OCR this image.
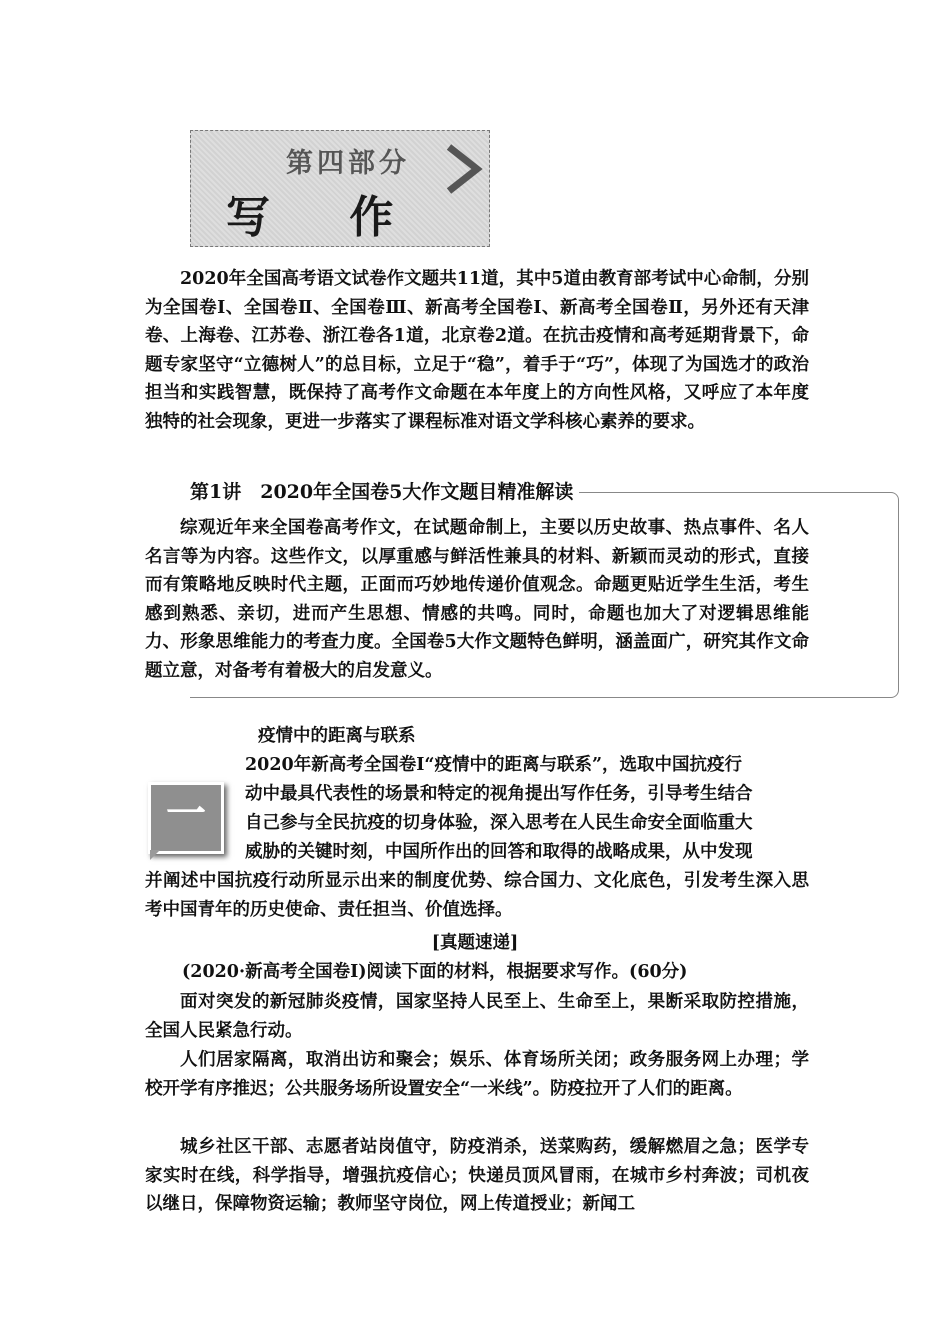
第四部分
写 作

2020年全国高考语文试卷作文题共11道，其中5道由教育部考试中心命制，分别为全国卷Ⅰ、全国卷Ⅱ、全国卷Ⅲ、新高考全国卷Ⅰ、新高考全国卷Ⅱ，另外还有天津卷、上海卷、江苏卷、浙江卷各1道，北京卷2道。在抗击疫情和高考延期背景下，命题专家坚守“立德树人”的总目标，立足于“稳”，着手于“巧”，体现了为国选才的政治担当和实践智慧，既保持了高考作文命题在本年度上的方向性风格，又呼应了本年度独特的社会现象，更进一步落实了课程标准对语文学科核心素养的要求。

第1讲　2020年全国卷5大作文题目精准解读

综观近年来全国卷高考作文，在试题命制上，主要以历史故事、热点事件、名人名言等为内容。这些作文，以厚重感与鲜活性兼具的材料、新颖而灵动的形式，直接而有策略地反映时代主题，正面而巧妙地传递价值观念。命题更贴近学生生活，考生感到熟悉、亲切，进而产生思想、情感的共鸣。同时，命题也加大了对逻辑思维能力、形象思维能力的考查力度。全国卷5大作文题特色鲜明，涵盖面广，研究其作文命题立意，对备考有着极大的启发意义。

疫情中的距离与联系
一

2020年新高考全国卷Ⅰ“疫情中的距离与联系”，选取中国抗疫行

动中最具代表性的场景和特定的视角提出写作任务，引导考生结合

自己参与全民抗疫的切身体验，深入思考在人民生命安全面临重大

威胁的关键时刻，中国所作出的回答和取得的战略成果，从中发现

并阐述中国抗疫行动所显示出来的制度优势、综合国力、文化底色，引发考生深入思考中国青年的历史使命、责任担当、价值选择。

[真题速递]
(2020·新高考全国卷Ⅰ)阅读下面的材料，根据要求写作。(60分)

面对突发的新冠肺炎疫情，国家坚持人民至上、生命至上，果断采取防控措施，全国人民紧急行动。

人们居家隔离，取消出访和聚会；娱乐、体育场所关闭；政务服务网上办理；学校开学有序推迟；公共服务场所设置安全“一米线”。防疫拉开了人们的距离。

城乡社区干部、志愿者站岗值守，防疫消杀，送菜购药，缓解燃眉之急；医学专家实时在线，科学指导，增强抗疫信心；快递员顶风冒雨，在城市乡村奔波；司机夜以继日，保障物资运输；教师坚守岗位，网上传道授业；新闻工
